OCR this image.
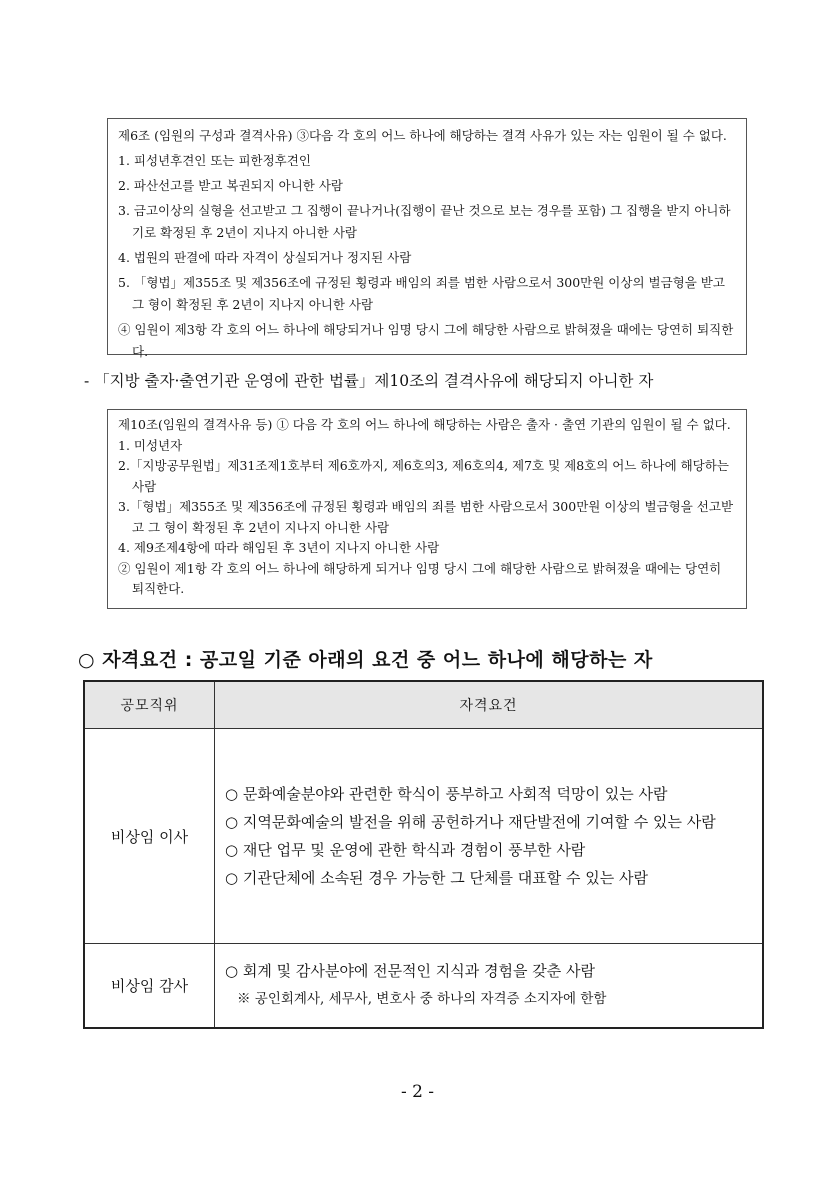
제6조 (임원의 구성과 결격사유) ③다음 각 호의 어느 하나에 해당하는 결격 사유가 있는 자는 임원이 될 수 없다.

1. 피성년후견인 또는 피한정후견인

2. 파산선고를 받고 복권되지 아니한 사람

3. 금고이상의 실형을 선고받고 그 집행이 끝나거나(집행이 끝난 것으로 보는 경우를 포함) 그 집행을 받지 아니하기로 확정된 후 2년이 지나지 아니한 사람

4. 법원의 판결에 따라 자격이 상실되거나 정지된 사람

5. 「형법」제355조 및 제356조에 규정된 횡령과 배임의 죄를 범한 사람으로서 300만원 이상의 벌금형을 받고 그 형이 확정된 후 2년이 지나지 아니한 사람

④ 임원이 제3항 각 호의 어느 하나에 해당되거나 임명 당시 그에 해당한 사람으로 밝혀졌을 때에는 당연히 퇴직한다.

- 「지방 출자·출연기관 운영에 관한 법률」제10조의 결격사유에 해당되지 아니한 자

제10조(임원의 결격사유 등) ① 다음 각 호의 어느 하나에 해당하는 사람은 출자 · 출연 기관의 임원이 될 수 없다.

1. 미성년자

2.「지방공무원법」제31조제1호부터 제6호까지, 제6호의3, 제6호의4, 제7호 및 제8호의 어느 하나에 해당하는 사람

3.「형법」제355조 및 제356조에 규정된 횡령과 배임의 죄를 범한 사람으로서 300만원 이상의 벌금형을 선고받고 그 형이 확정된 후 2년이 지나지 아니한 사람

4. 제9조제4항에 따라 해임된 후 3년이 지나지 아니한 사람

② 임원이 제1항 각 호의 어느 하나에 해당하게 되거나 임명 당시 그에 해당한 사람으로 밝혀졌을 때에는 당연히 퇴직한다.

○ 자격요건 : 공고일 기준 아래의 요건 중 어느 하나에 해당하는 자
공모직위	자격요건
비상임 이사	○ 문화예술분야와 관련한 학식이 풍부하고 사회적 덕망이 있는 사람

○ 지역문화예술의 발전을 위해 공헌하거나 재단발전에 기여할 수 있는 사람

○ 재단 업무 및 운영에 관한 학식과 경험이 풍부한 사람

○ 기관단체에 소속된 경우 가능한 그 단체를 대표할 수 있는 사람

비상임 감사	○ 회계 및 감사분야에 전문적인 지식과 경험을 갖춘 사람

※ 공인회계사, 세무사, 변호사 중 하나의 자격증 소지자에 한함

- 2 -
